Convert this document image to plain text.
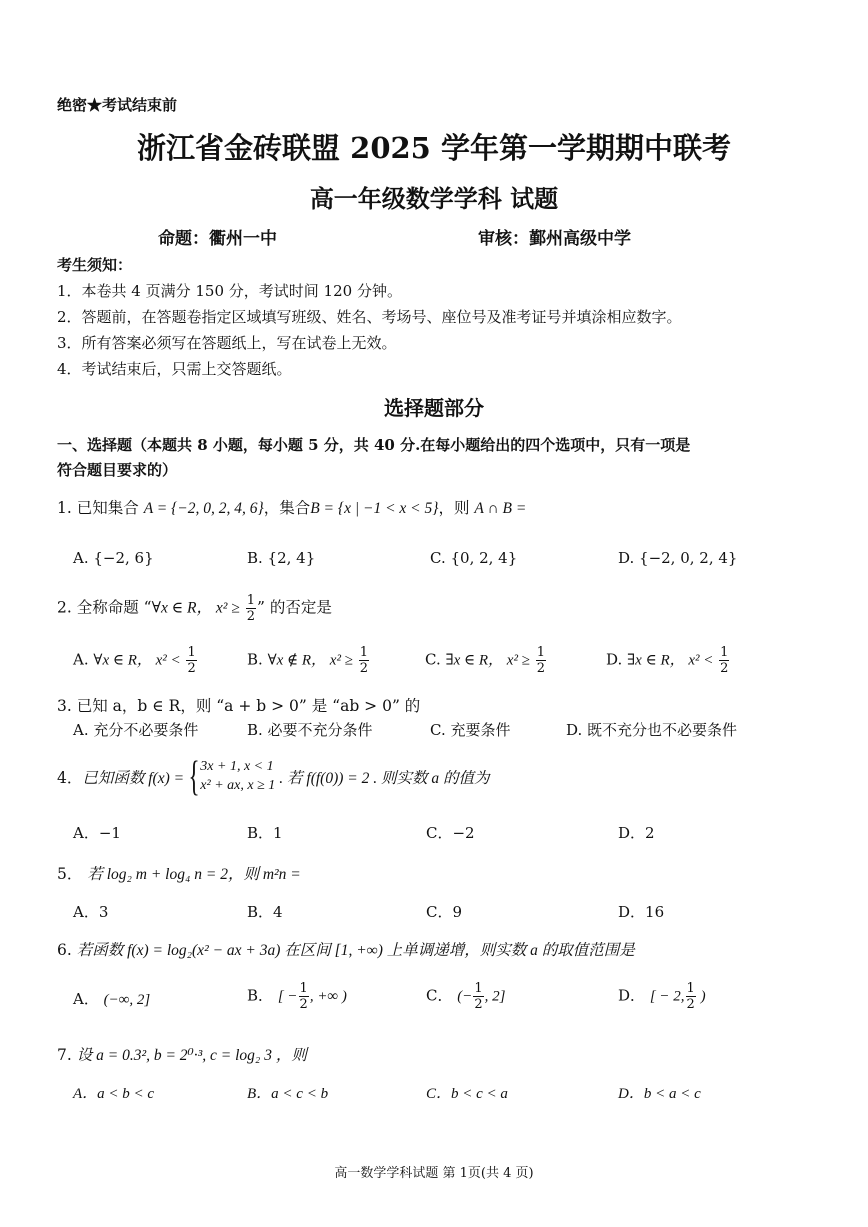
绝密★考试结束前
浙江省金砖联盟 2025 学年第一学期期中联考
高一年级数学学科 试题
命题：衢州一中	审核：鄞州高级中学
考生须知：
1．本卷共 4 页满分 150 分，考试时间 120 分钟。
2．答题前，在答题卷指定区域填写班级、姓名、考场号、座位号及准考证号并填涂相应数字。
3．所有答案必须写在答题纸上，写在试卷上无效。
4．考试结束后，只需上交答题纸。
选择题部分
一、选择题（本题共 8 小题，每小题 5 分，共 40 分.在每小题给出的四个选项中，只有一项是
符合题目要求的）
1. 已知集合 A = {−2, 0, 2, 4, 6}，集合B = {x | −1 < x < 5}，则 A ∩ B =
A. {−2, 6}	B. {2, 4}	C. {0, 2, 4}	D. {−2, 0, 2, 4}
2. 全称命题 “∀x ∈ R， $x^2 \ge \frac{1}{2}$ ” 的否定是
A. ∀x ∈ R， $x^2 < \frac{1}{2}$	B. ∀x ∉ R， $x^2 \ge \frac{1}{2}$	C. ∃x ∈ R， $x^2 \ge \frac{1}{2}$	D. ∃x ∈ R， $x^2 < \frac{1}{2}$
3. 已知 a，b ∈ R，则 “a + b > 0” 是 “ab > 0” 的
A. 充分不必要条件	B. 必要不充分条件	C. 充要条件	D. 既不充分也不必要条件
4． 已知函数 f(x) = { 3x + 1, x < 1
x² + ax, x ≥ 1 . 若 f(f(0)) = 2 . 则实数 a 的值为
A．−1	B．1	C．−2	D．2
5． 若 log₂ m + log₄ n = 2，则 m²n =
A．3	B．4	C．9	D．16
6. 若函数 f(x) = log₂(x² − ax + 3a) 在区间 [1, +∞) 上单调递增，则实数 a 的取值范围是
A． (−∞, 2]	B． [ − $\frac{1}{2}$ , +∞ )	C． (− $\frac{1}{2}$ , 2]	D． [ − 2, $\frac{1}{2}$ )
7. 设 a = 0.3², b = 2⁰·³, c = log₂ 3 ，则
A．a < b < c	B．a < c < b	C．b < c < a	D．b < a < c
高一数学学科试题 第 1页(共 4 页)
